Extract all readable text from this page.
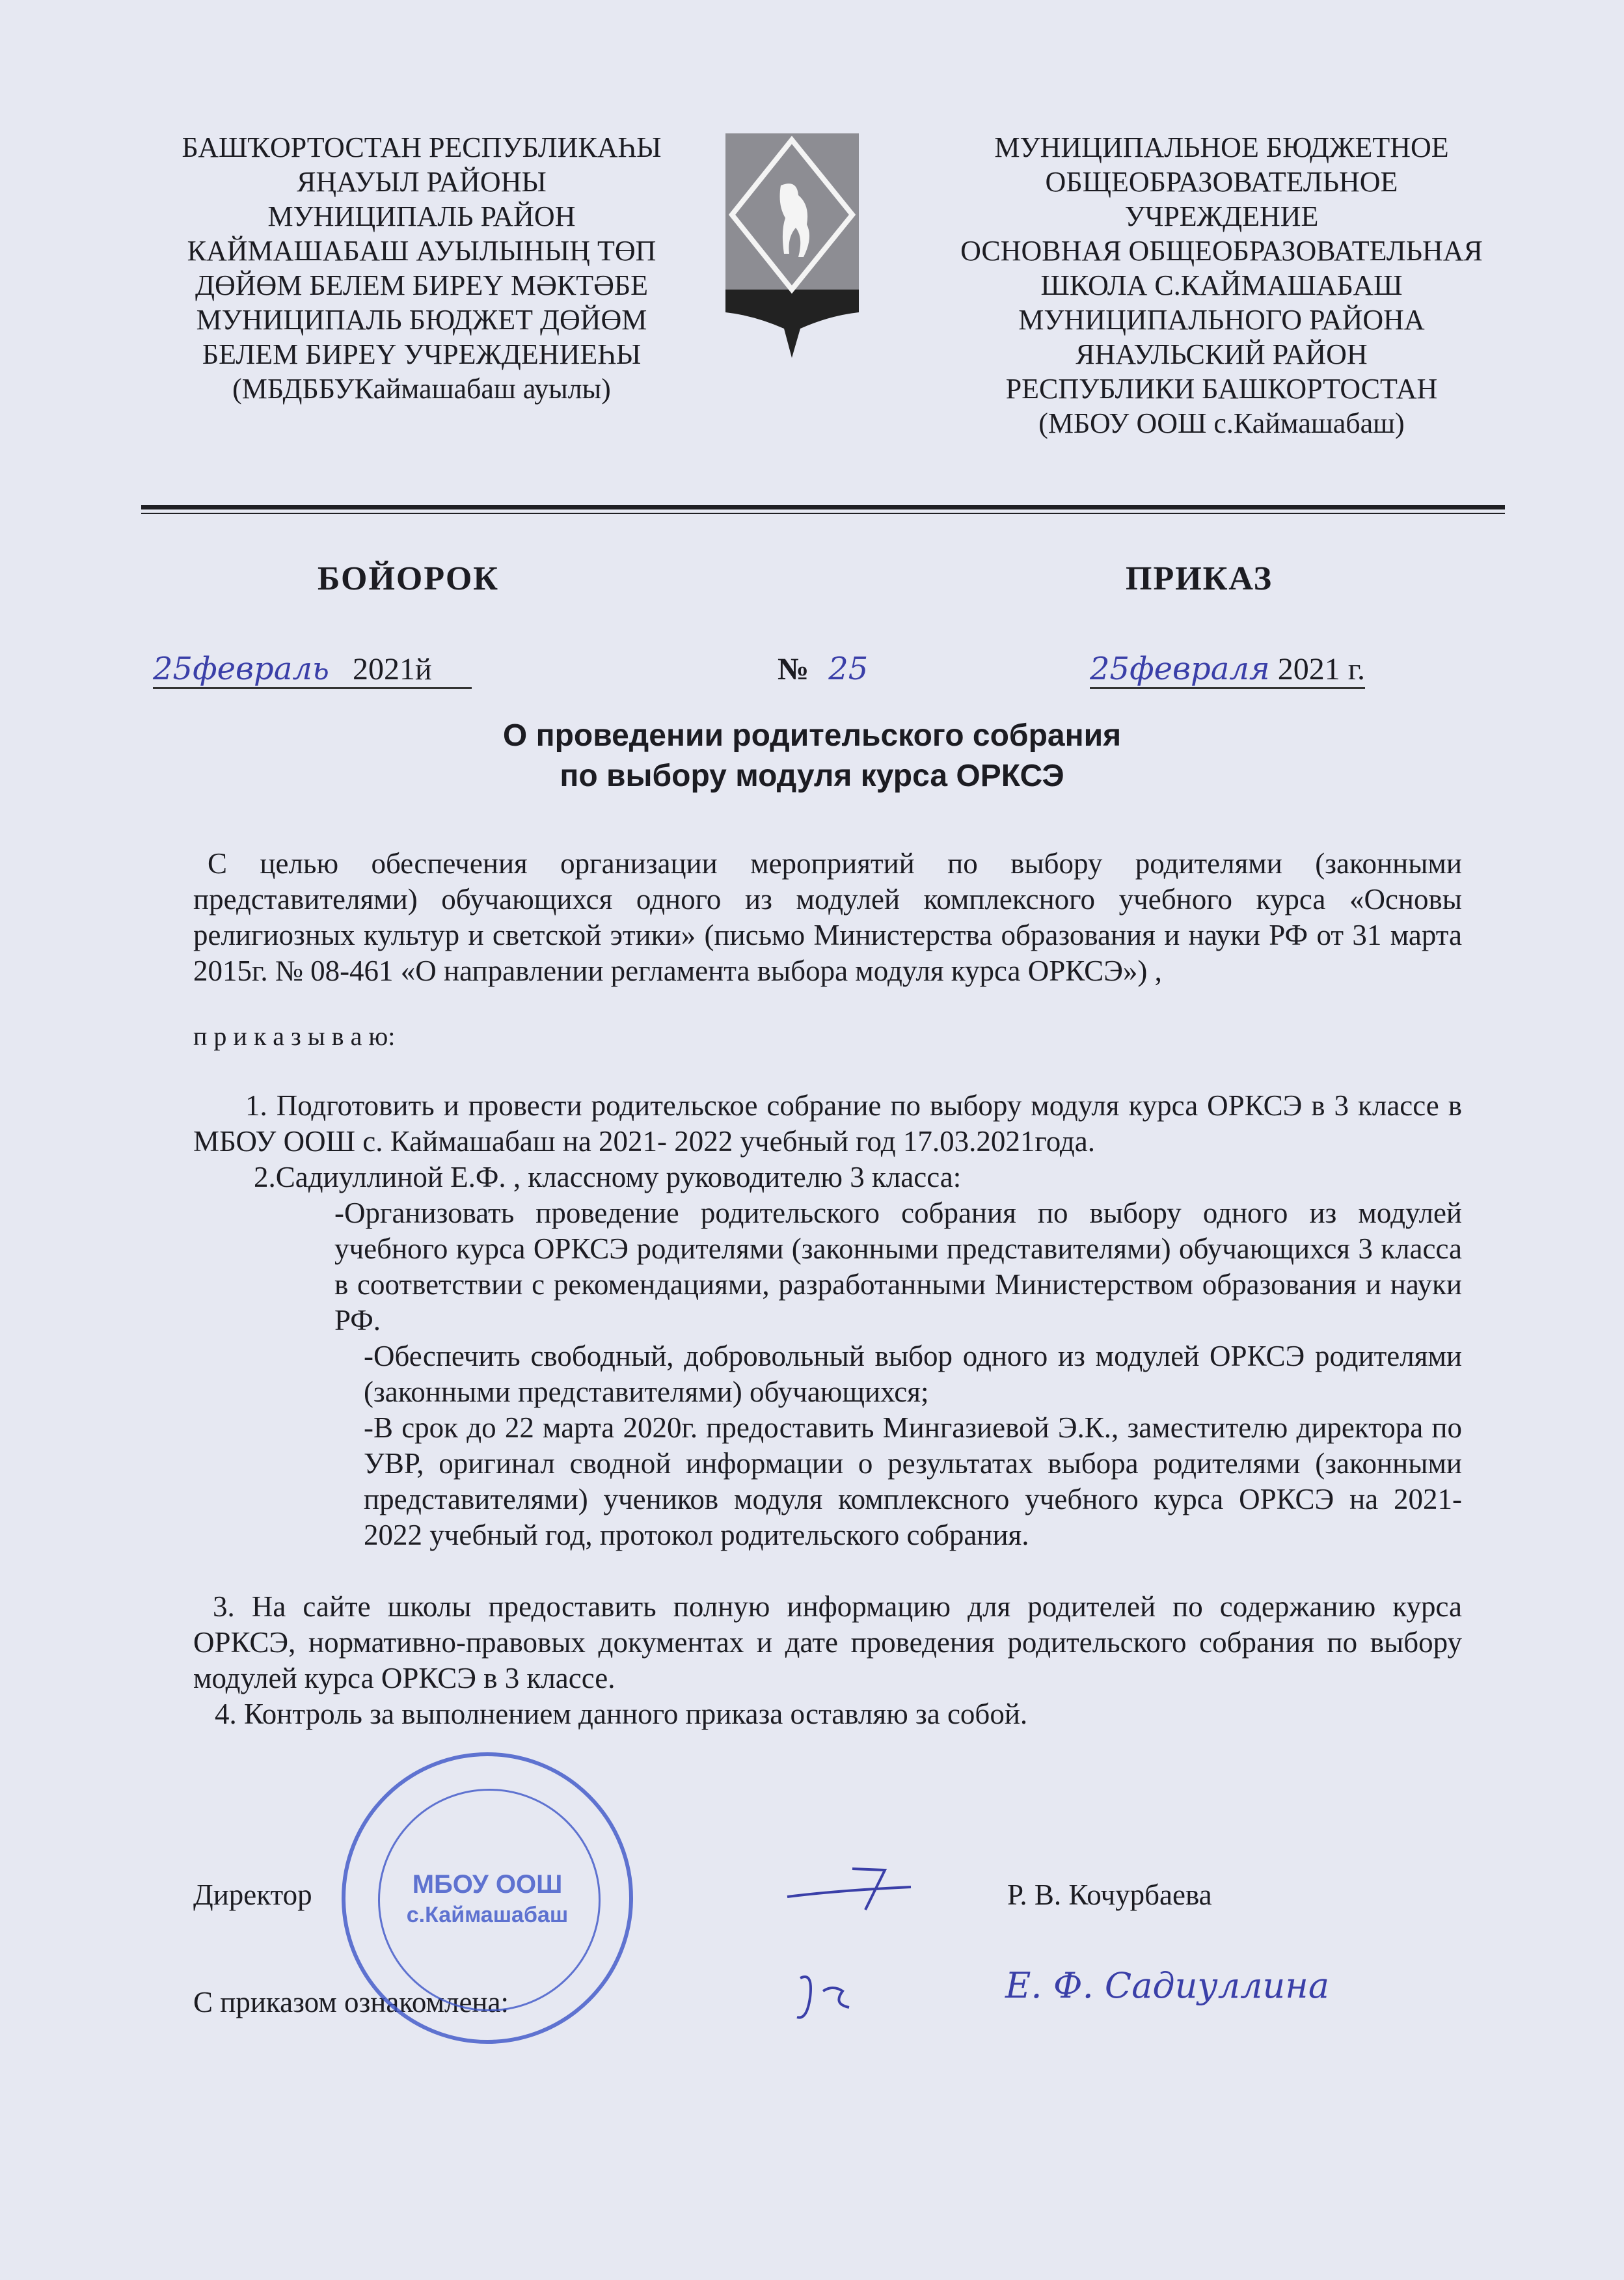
БАШҠОРТОСТАН РЕСПУБЛИКАҺЫ
ЯҢАУЫЛ РАЙОНЫ
МУНИЦИПАЛЬ РАЙОН
КАЙМАШАБАШ АУЫЛЫНЫҢ ТӨП
ДӨЙӨМ БЕЛЕМ БИРЕҮ МӘКТӘБЕ
МУНИЦИПАЛЬ БЮДЖЕТ ДӨЙӨМ
БЕЛЕМ БИРЕҮ УЧРЕЖДЕНИЕҺЫ
(МБДББУКаймашабаш ауылы)
МУНИЦИПАЛЬНОЕ БЮДЖЕТНОЕ
ОБЩЕОБРАЗОВАТЕЛЬНОЕ
УЧРЕЖДЕНИЕ
ОСНОВНАЯ ОБЩЕОБРАЗОВАТЕЛЬНАЯ
ШКОЛА С.КАЙМАШАБАШ
МУНИЦИПАЛЬНОГО РАЙОНА
ЯНАУЛЬСКИЙ РАЙОН
РЕСПУБЛИКИ БАШКОРТОСТАН
(МБОУ ООШ с.Каймашабаш)
БОЙОРОК	ПРИКАЗ
25февраль 2021й	№ 25	25февраля 2021 г.
О проведении родительского собрания
по выбору модуля курса ОРКСЭ
С целью обеспечения организации мероприятий по выбору родителями (законными представителями) обучающихся одного из модулей комплексного учебного курса «Основы религиозных культур и светской этики» (письмо Министерства образования и науки РФ от 31 марта 2015г. № 08-461 «О направлении регламента выбора модуля курса ОРКСЭ») ,
п р и к а з ы в а ю:
1. Подготовить и провести родительское собрание по выбору модуля курса ОРКСЭ в 3 классе в МБОУ ООШ с. Каймашабаш на 2021- 2022 учебный год 17.03.2021года.
2.Садиуллиной Е.Ф. , классному руководителю 3 класса:
-Организовать проведение родительского собрания по выбору одного из модулей учебного курса ОРКСЭ родителями (законными представителями) обучающихся 3 класса в соответствии с рекомендациями, разработанными Министерством образования и науки РФ.
-Обеспечить свободный, добровольный выбор одного из модулей ОРКСЭ родителями (законными представителями) обучающихся;
-В срок до 22 марта 2020г. предоставить Мингазиевой Э.К., заместителю директора по УВР, оригинал сводной информации о результатах выбора родителями (законными представителями) учеников модуля комплексного учебного курса ОРКСЭ на 2021- 2022 учебный год, протокол родительского собрания.
3. На сайте школы предоставить полную информацию для родителей по содержанию курса ОРКСЭ, нормативно-правовых документах и дате проведения родительского собрания по выбору модулей курса ОРКСЭ в 3 классе.
4. Контроль за выполнением данного приказа оставляю за собой.
Директор	Р. В. Кочурбаева
С приказом ознакомлена:	Е. Ф. Садиуллина
МБОУ ООШ
с.Каймашабаш
